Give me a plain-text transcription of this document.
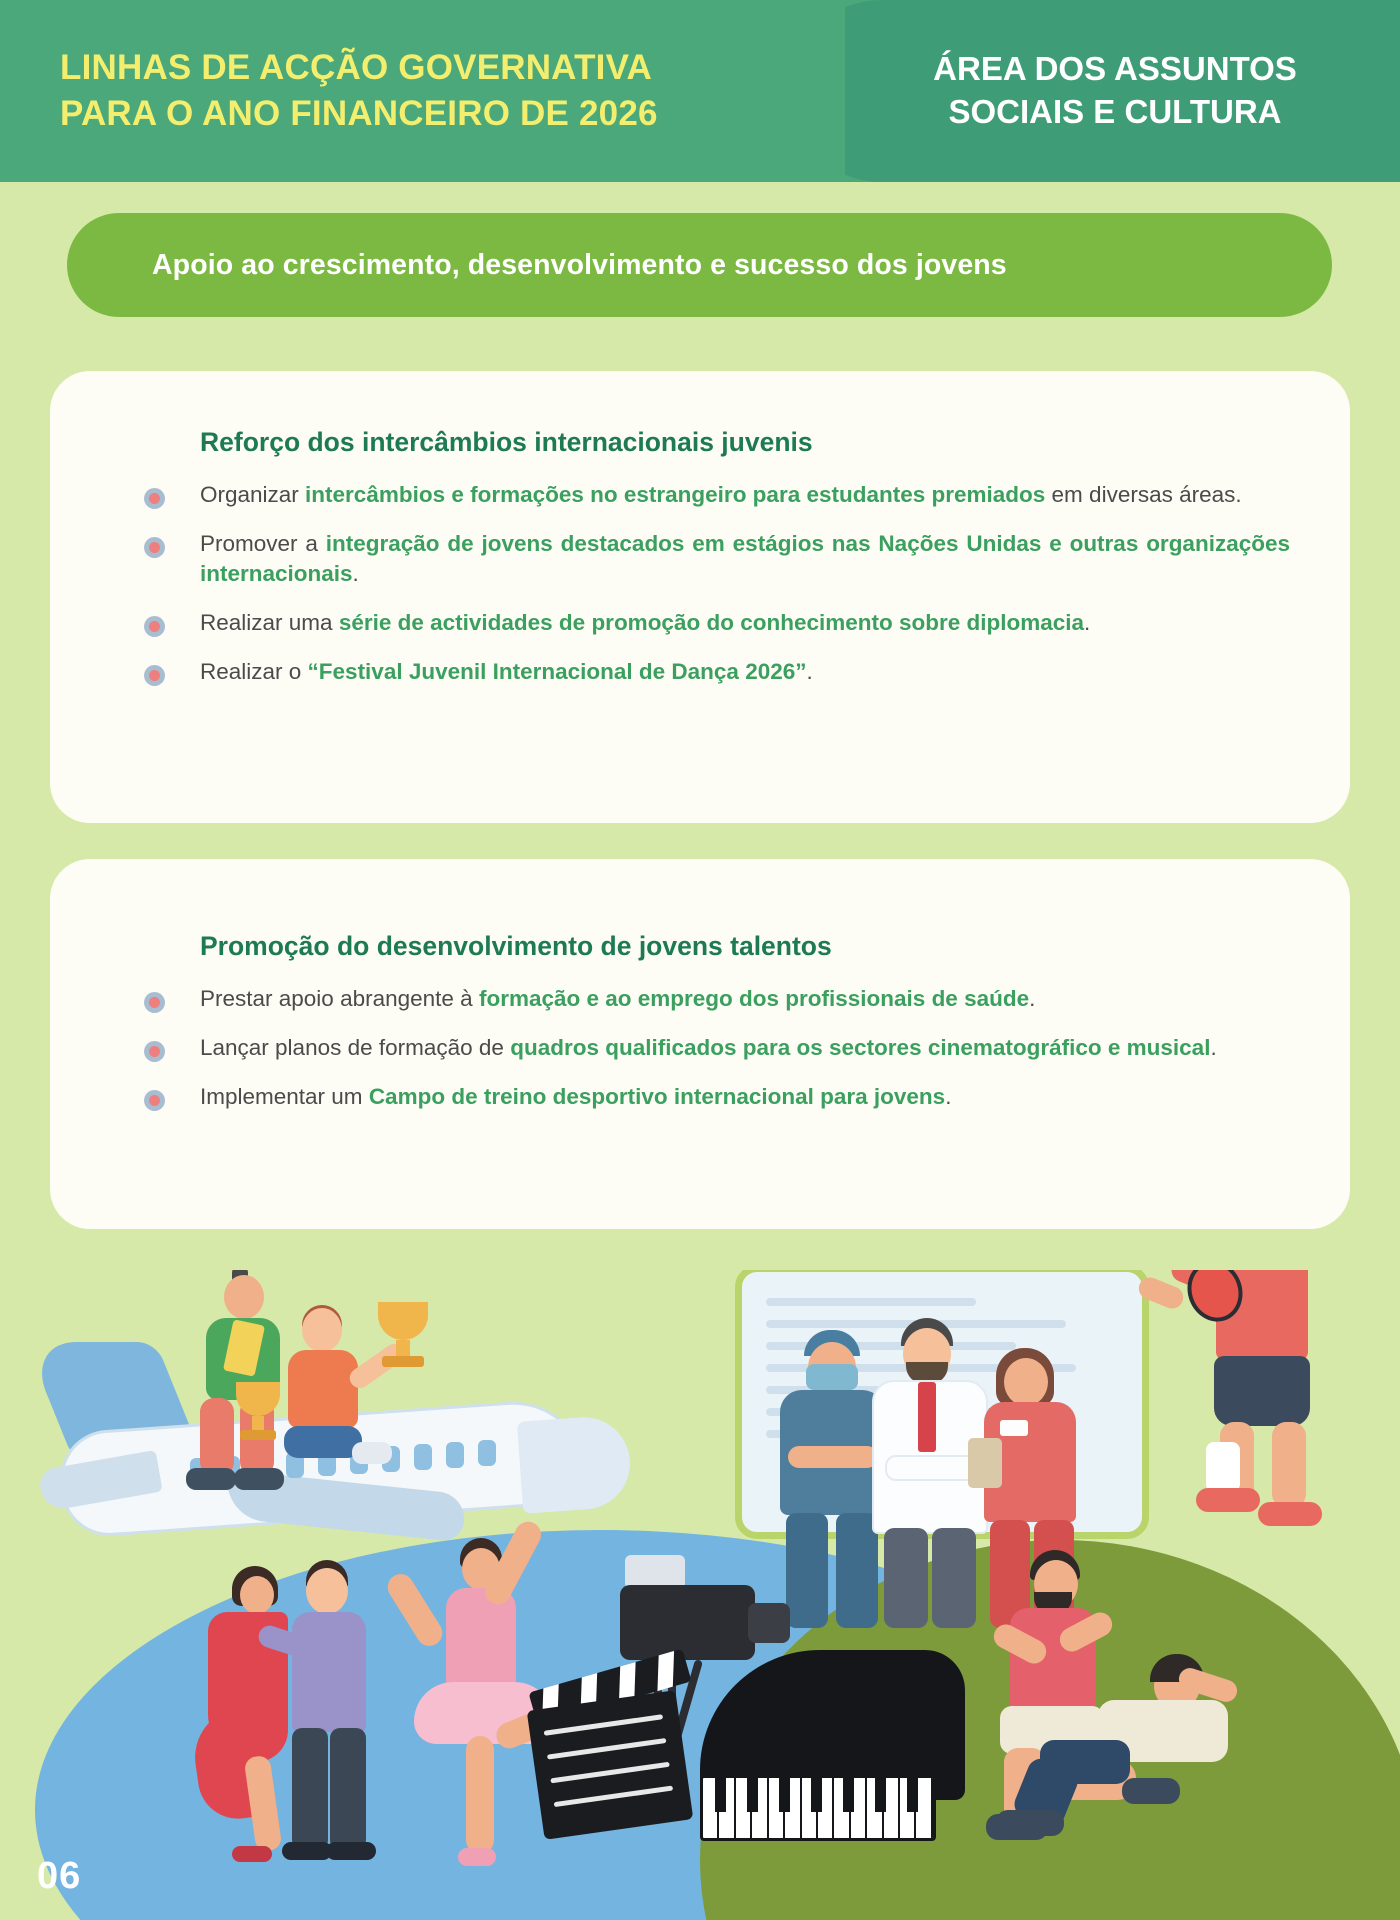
LINHAS DE ACÇÃO GOVERNATIVA
PARA O ANO FINANCEIRO DE 2026
ÁREA DOS ASSUNTOS
SOCIAIS E CULTURA
Apoio ao crescimento, desenvolvimento e sucesso dos jovens
Reforço dos intercâmbios internacionais juvenis
Organizar intercâmbios e formações no estrangeiro para estudantes premiados em diversas áreas.
Promover a integração de jovens destacados em estágios nas Nações Unidas e outras organizações internacionais.
Realizar uma série de actividades de promoção do conhecimento sobre diplomacia.
Realizar o “Festival Juvenil Internacional de Dança 2026”.
Promoção do desenvolvimento de jovens talentos
Prestar apoio abrangente à formação e ao emprego dos profissionais de saúde.
Lançar planos de formação de quadros qualificados para os sectores cinematográfico e musical.
Implementar um Campo de treino desportivo internacional para jovens.
06
